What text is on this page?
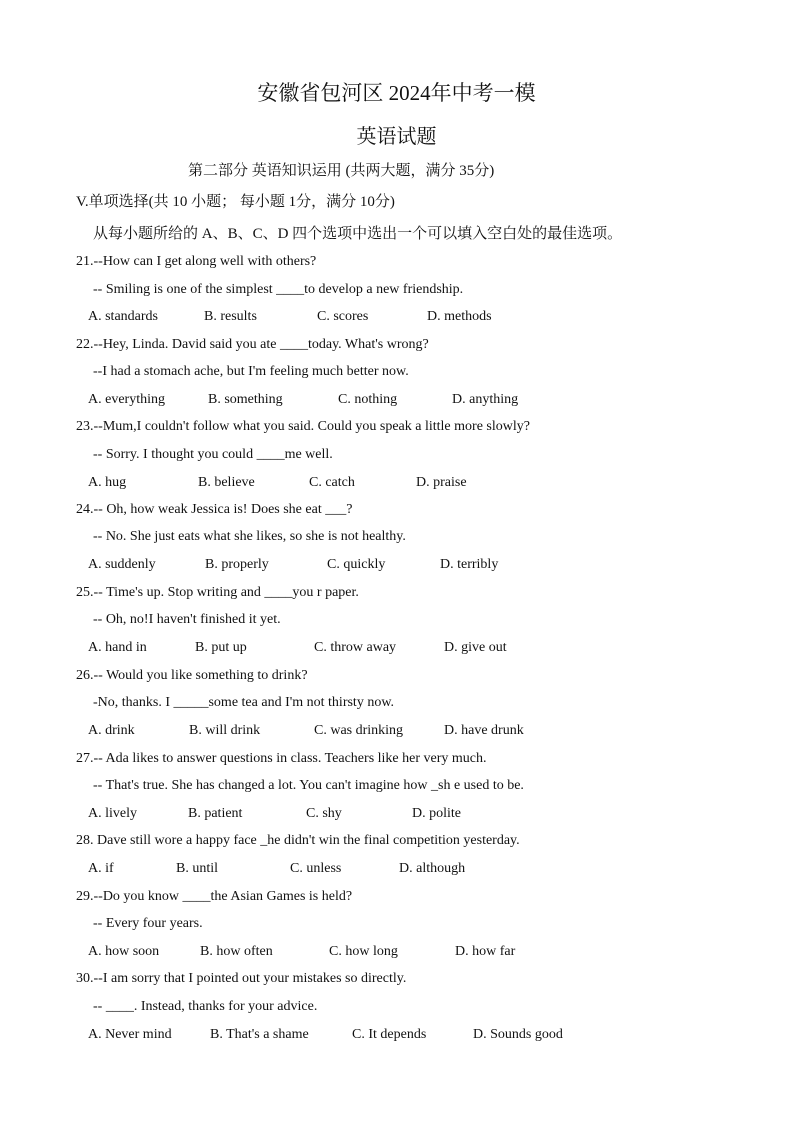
安徽省包河区 2024年中考一模
英语试题
第二部分 英语知识运用 (共两大题，满分 35分)
V.单项选择(共 10 小题； 每小题 1分，满分 10分)
从每小题所给的 A、B、C、D 四个选项中选出一个可以填入空白处的最佳选项。
21.--How can I get along well with others?
-- Smiling is one of the simplest ____to develop a new friendship.
A. standards	B. results	C. scores	D. methods
22.--Hey, Linda. David said you ate ____today. What's wrong?
--I had a stomach ache, but I'm feeling much better now.
A. everything	B. something	C. nothing	D. anything
23.--Mum,I couldn't follow what you said. Could you speak a little more slowly?
-- Sorry. I thought you could ____me well.
A. hug	B. believe	C. catch	D. praise
24.-- Oh, how weak Jessica is! Does she eat ___?
-- No. She just eats what she likes, so she is not healthy.
A. suddenly	B. properly	C. quickly	D. terribly
25.-- Time's up. Stop writing and ____you r paper.
-- Oh, no!I haven't finished it yet.
A. hand in	B. put up	C. throw away	D. give out
26.-- Would you like something to drink?
-No, thanks. I _____some tea and I'm not thirsty now.
A. drink	B. will drink	C. was drinking	D. have drunk
27.-- Ada likes to answer questions in class. Teachers like her very much.
-- That's true. She has changed a lot. You can't imagine how _sh e used to be.
A. lively	B. patient	C. shy	D. polite
28. Dave still wore a happy face _he didn't win the final competition yesterday.
A. if	B. until	C. unless	D. although
29.--Do you know ____the Asian Games is held?
-- Every four years.
A. how soon	B. how often	C. how long	D. how far
30.--I am sorry that I pointed out your mistakes so directly.
-- ____. Instead, thanks for your advice.
A. Never mind	B. That's a shame	C. It depends	D. Sounds good
